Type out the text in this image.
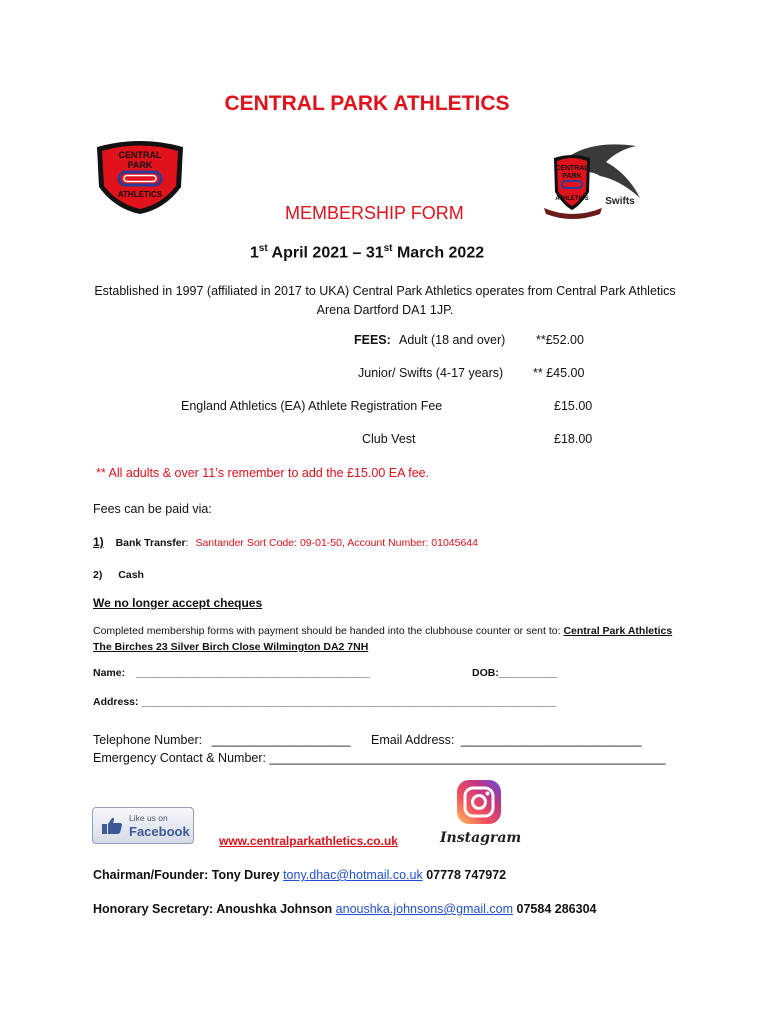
CENTRAL PARK ATHLETICS
CENTRAL
PARK
ATHLETICS
CENTRAL
PARK
ATHLETICS Swifts
MEMBERSHIP FORM
1st April 2021 – 31st March 2022
Established in 1997 (affiliated in 2017 to UKA) Central Park Athletics operates from Central Park Athletics Arena Dartford DA1 1JP.
FEES: Adult (18 and over) **£52.00
Junior/ Swifts (4-17 years) ** £45.00
England Athletics (EA) Athlete Registration Fee	£15.00
Club Vest	£18.00
** All adults & over 11’s remember to add the £15.00 EA fee.
Fees can be paid via:
1) Bank Transfer: Santander Sort Code: 09-01-50, Account Number: 01045644
2) Cash
We no longer accept cheques
Completed membership forms with payment should be handed into the clubhouse counter or sent to: Central Park Athletics The Birches 23 Silver Birch Close Wilmington DA2 7NH
Name: ________________________________________	DOB:__________
Address: _______________________________________________________________________
Telephone Number: ____________________ Email Address: __________________________
Emergency Contact & Number: _________________________________________________________
Like us on
Facebook
www.centralparkathletics.co.uk	Instagram
Chairman/Founder: Tony Durey tony.dhac@hotmail.co.uk 07778 747972
Honorary Secretary: Anoushka Johnson anoushka.johnsons@gmail.com 07584 286304
